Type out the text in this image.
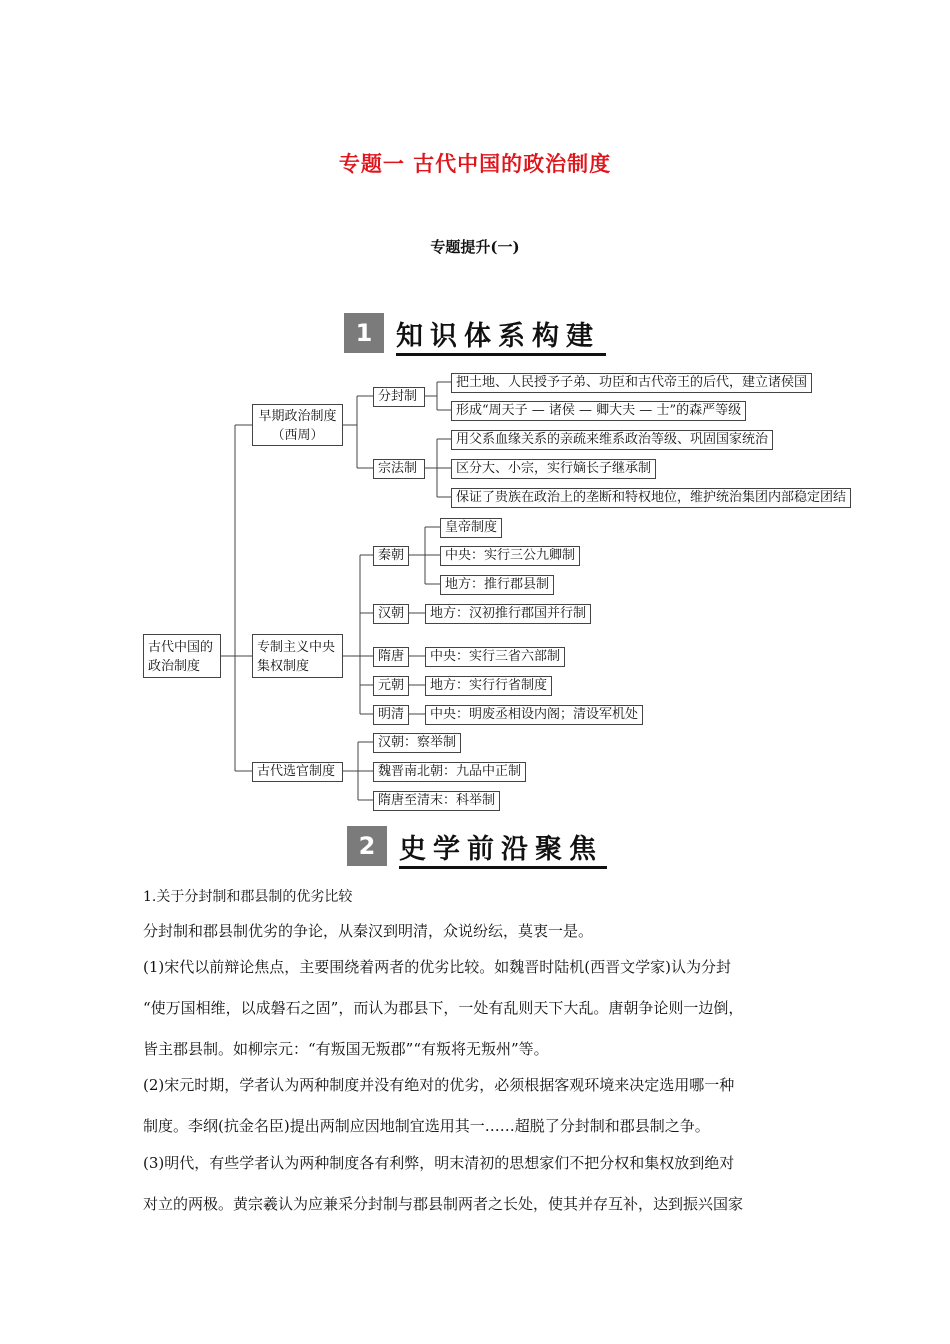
专题一 古代中国的政治制度
专题提升(一)
1 知识体系构建
古代中国的政治制度
早期政治制度（西周）
分封制
把土地、人民授予子弟、功臣和古代帝王的后代，建立诸侯国
形成“周天子 — 诸侯 — 卿大夫 — 士”的森严等级
宗法制
用父系血缘关系的亲疏来维系政治等级、巩固国家统治
区分大、小宗，实行嫡长子继承制
保证了贵族在政治上的垄断和特权地位，维护统治集团内部稳定团结
专制主义中央集权制度
秦朝
皇帝制度
中央：实行三公九卿制
地方：推行郡县制
汉朝	地方：汉初推行郡国并行制
隋唐	中央：实行三省六部制
元朝	地方：实行行省制度
明清	中央：明废丞相设内阁；清设军机处
古代选官制度
汉朝：察举制
魏晋南北朝：九品中正制
隋唐至清末：科举制
2 史学前沿聚焦
1.关于分封制和郡县制的优劣比较
分封制和郡县制优劣的争论，从秦汉到明清，众说纷纭，莫衷一是。
(1)宋代以前辩论焦点，主要围绕着两者的优劣比较。如魏晋时陆机(西晋文学家)认为分封
“使万国相维，以成磐石之固”，而认为郡县下，一处有乱则天下大乱。唐朝争论则一边倒，
皆主郡县制。如柳宗元：“有叛国无叛郡”“有叛将无叛州”等。
(2)宋元时期，学者认为两种制度并没有绝对的优劣，必须根据客观环境来决定选用哪一种
制度。李纲(抗金名臣)提出两制应因地制宜选用其一……超脱了分封制和郡县制之争。
(3)明代，有些学者认为两种制度各有利弊，明末清初的思想家们不把分权和集权放到绝对
对立的两极。黄宗羲认为应兼采分封制与郡县制两者之长处，使其并存互补，达到振兴国家
